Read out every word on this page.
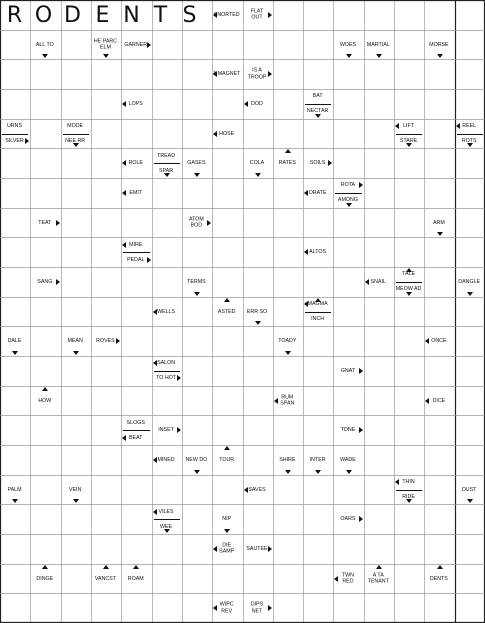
R O D E N T S	SNORTED
FLAT
OUT
ALL TO
HE PARC
ELM
GARNER	WOES	MARTIAL	MORSE
A MAGNET
IS A
TROOP
LOPS	DOD
BAT
NECTAR
URNS
SILVER
MODE
NEE RR
HOSE
LIFT
STARE
REEL
ROTS
ROLE
TREAD
SPAR
GASES	COLA	RATES	SOILS
EMIT	ORATE
ROTA
AMONG
TEAT
ATOM
BOD
ARM
MIRE
PEDAL
ALTOS
TALE
SANG	TERMS	SNAIL
MEOW AD
DANGLE
WELLS	ASTED	ERR SO
MAGMA
INCH
DALE	MEAN	ROVES	TOADY	ONCE
SALON
TO HOT
GNAT
HOW
RUM
SPAN
DICE
SLOGS
BEAT
INSET	TONE
MINED	NEW DO	TOUR	SHIRE	INTER	WADE
THIN
PALM	VEIN	SAVES
RIDE
DUST
VILES
WEE
NIP	OARS
DIE
SAMP
SAUTEE
DINGE	VANCST	ROAM
TWN
RED
A TA
TENANT
DENTS
WIPC
REV
DIPS
NET
